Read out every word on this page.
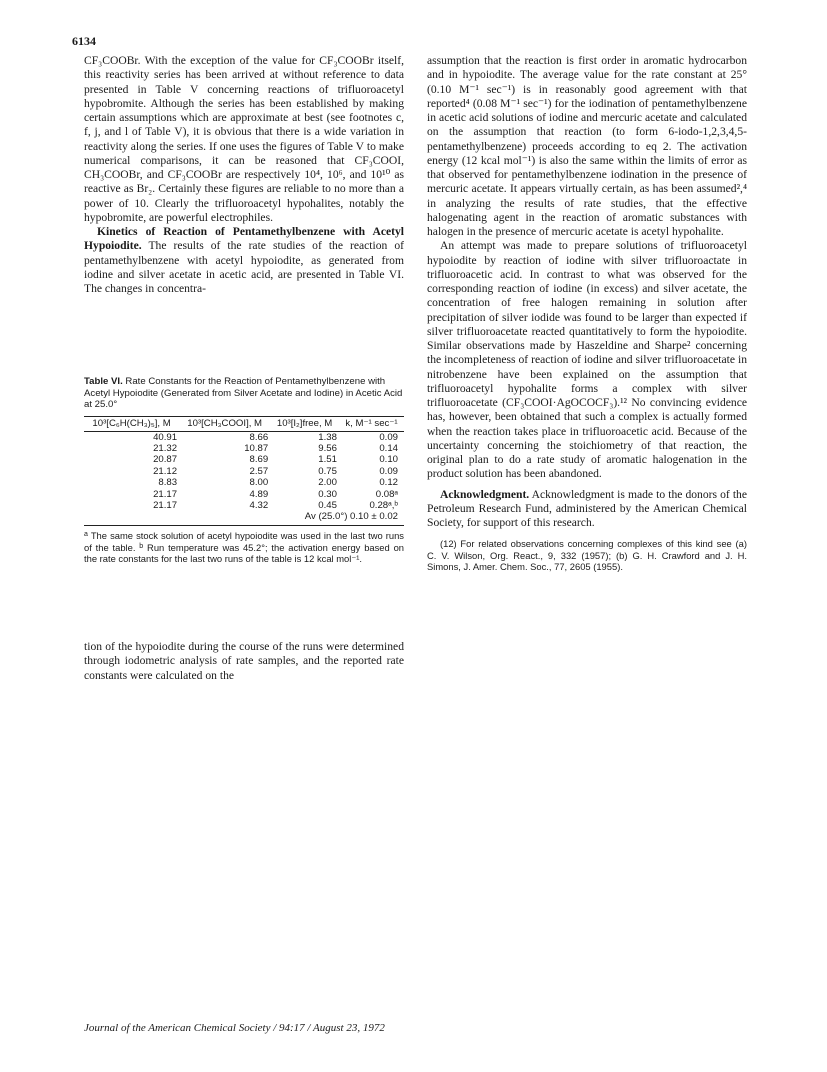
6134

CF₃COOBr. With the exception of the value for CF₃COOBr itself, this reactivity series has been arrived at without reference to data presented in Table V concerning reactions of trifluoroacetyl hypobromite. Although the series has been established by making certain assumptions which are approximate at best (see footnotes c, f, j, and l of Table V), it is obvious that there is a wide variation in reactivity along the series. If one uses the figures of Table V to make numerical comparisons, it can be reasoned that CF₃COOI, CH₃COOBr, and CF₃COOBr are respectively 10⁴, 10⁶, and 10¹⁰ as reactive as Br₂. Certainly these figures are reliable to no more than a power of 10. Clearly the trifluoroacetyl hypohalites, notably the hypobromite, are powerful electrophiles.

Kinetics of Reaction of Pentamethylbenzene with Acetyl Hypoiodite. The results of the rate studies of the reaction of pentamethylbenzene with acetyl hypoiodite, as generated from iodine and silver acetate in acetic acid, are presented in Table VI. The changes in concentra-

Table VI. Rate Constants for the Reaction of Pentamethylbenzene with Acetyl Hypoiodite (Generated from Silver Acetate and Iodine) in Acetic Acid at 25.0°
10³[C₆H(CH₃)₅], M	10³[CH₃COOI], M	10³[I₂]free, M	k, M⁻¹ sec⁻¹
40.91	8.66	1.38	0.09
21.32	10.87	9.56	0.14
20.87	8.69	1.51	0.10
21.12	2.57	0.75	0.09
8.83	8.00	2.00	0.12
21.17	4.89	0.30	0.08ᵃ
21.17	4.32	0.45	0.28ᵃ,ᵇ
Av (25.0°) 0.10 ± 0.02			
$^a$ The same stock solution of acetyl hypoiodite was used in the last two runs of the table. $^b$ Run temperature was 45.2°; the activation energy based on the rate constants for the last two runs of the table is 12 kcal mol⁻¹.

tion of the hypoiodite during the course of the runs were determined through iodometric analysis of rate samples, and the reported rate constants were calculated on the

assumption that the reaction is first order in aromatic hydrocarbon and in hypoiodite. The average value for the rate constant at 25° (0.10 M⁻¹ sec⁻¹) is in reasonably good agreement with that reported⁴ (0.08 M⁻¹ sec⁻¹) for the iodination of pentamethylbenzene in acetic acid solutions of iodine and mercuric acetate and calculated on the assumption that reaction (to form 6-iodo-1,2,3,4,5-pentamethylbenzene) proceeds according to eq 2. The activation energy (12 kcal mol⁻¹) is also the same within the limits of error as that observed for pentamethylbenzene iodination in the presence of mercuric acetate. It appears virtually certain, as has been assumed²,⁴ in analyzing the results of rate studies, that the effective halogenating agent in the reaction of aromatic substances with halogen in the presence of mercuric acetate is acetyl hypohalite.

An attempt was made to prepare solutions of trifluoroacetyl hypoiodite by reaction of iodine with silver trifluoroactate in trifluoroacetic acid. In contrast to what was observed for the corresponding reaction of iodine (in excess) and silver acetate, the concentration of free halogen remaining in solution after precipitation of silver iodide was found to be larger than expected if silver trifluoroacetate reacted quantitatively to form the hypoiodite. Similar observations made by Haszeldine and Sharpe² concerning the incompleteness of reaction of iodine and silver trifluoroacetate in nitrobenzene have been explained on the assumption that trifluoroacetyl hypohalite forms a complex with silver trifluoroacetate (CF₃COOI·AgOCOCF₃).¹² No convincing evidence has, however, been obtained that such a complex is actually formed when the reaction takes place in trifluoroacetic acid. Because of the uncertainty concerning the stoichiometry of that reaction, the original plan to do a rate study of aromatic halogenation in the product solution has been abandoned.

Acknowledgment. Acknowledgment is made to the donors of the Petroleum Research Fund, administered by the American Chemical Society, for support of this research.

(12) For related observations concerning complexes of this kind see (a) C. V. Wilson, Org. React., 9, 332 (1957); (b) G. H. Crawford and J. H. Simons, J. Amer. Chem. Soc., 77, 2605 (1955).

Journal of the American Chemical Society / 94:17 / August 23, 1972
